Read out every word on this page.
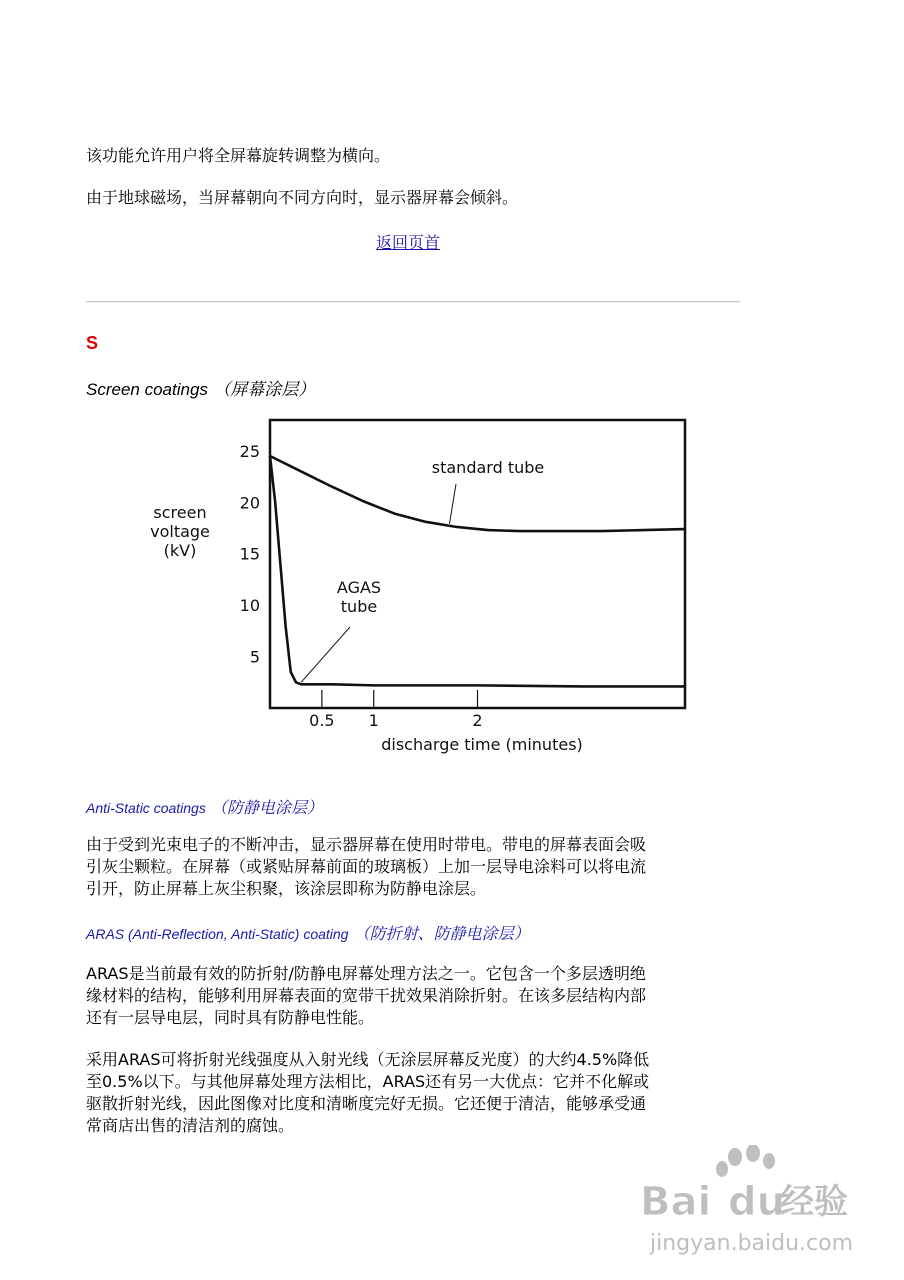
该功能允许用户将全屏幕旋转调整为横向。

由于地球磁场，当屏幕朝向不同方向时，显示器屏幕会倾斜。

返回页首
S
Screen coatings （屏幕涂层）
screen
voltage
(kV)
5
10
15
20
25
0.5 1	2
standard tube
AGAS
tube
discharge time (minutes)
Anti-Static coatings （防静电涂层）
由于受到光束电子的不断冲击，显示器屏幕在使用时带电。带电的屏幕表面会吸
引灰尘颗粒。在屏幕（或紧贴屏幕前面的玻璃板）上加一层导电涂料可以将电流
引开，防止屏幕上灰尘积聚，该涂层即称为防静电涂层。
ARAS (Anti-Reflection, Anti-Static) coating （防折射、防静电涂层）
ARAS是当前最有效的防折射/防静电屏幕处理方法之一。它包含一个多层透明绝
缘材料的结构，能够利用屏幕表面的宽带干扰效果消除折射。在该多层结构内部
还有一层导电层，同时具有防静电性能。
采用ARAS可将折射光线强度从入射光线（无涂层屏幕反光度）的大约4.5%降低
至0.5%以下。与其他屏幕处理方法相比，ARAS还有另一大优点：它并不化解或
驱散折射光线，因此图像对比度和清晰度完好无损。它还便于清洁，能够承受通
常商店出售的清洁剂的腐蚀。
Bai du
经验
jingyan.baidu.com
